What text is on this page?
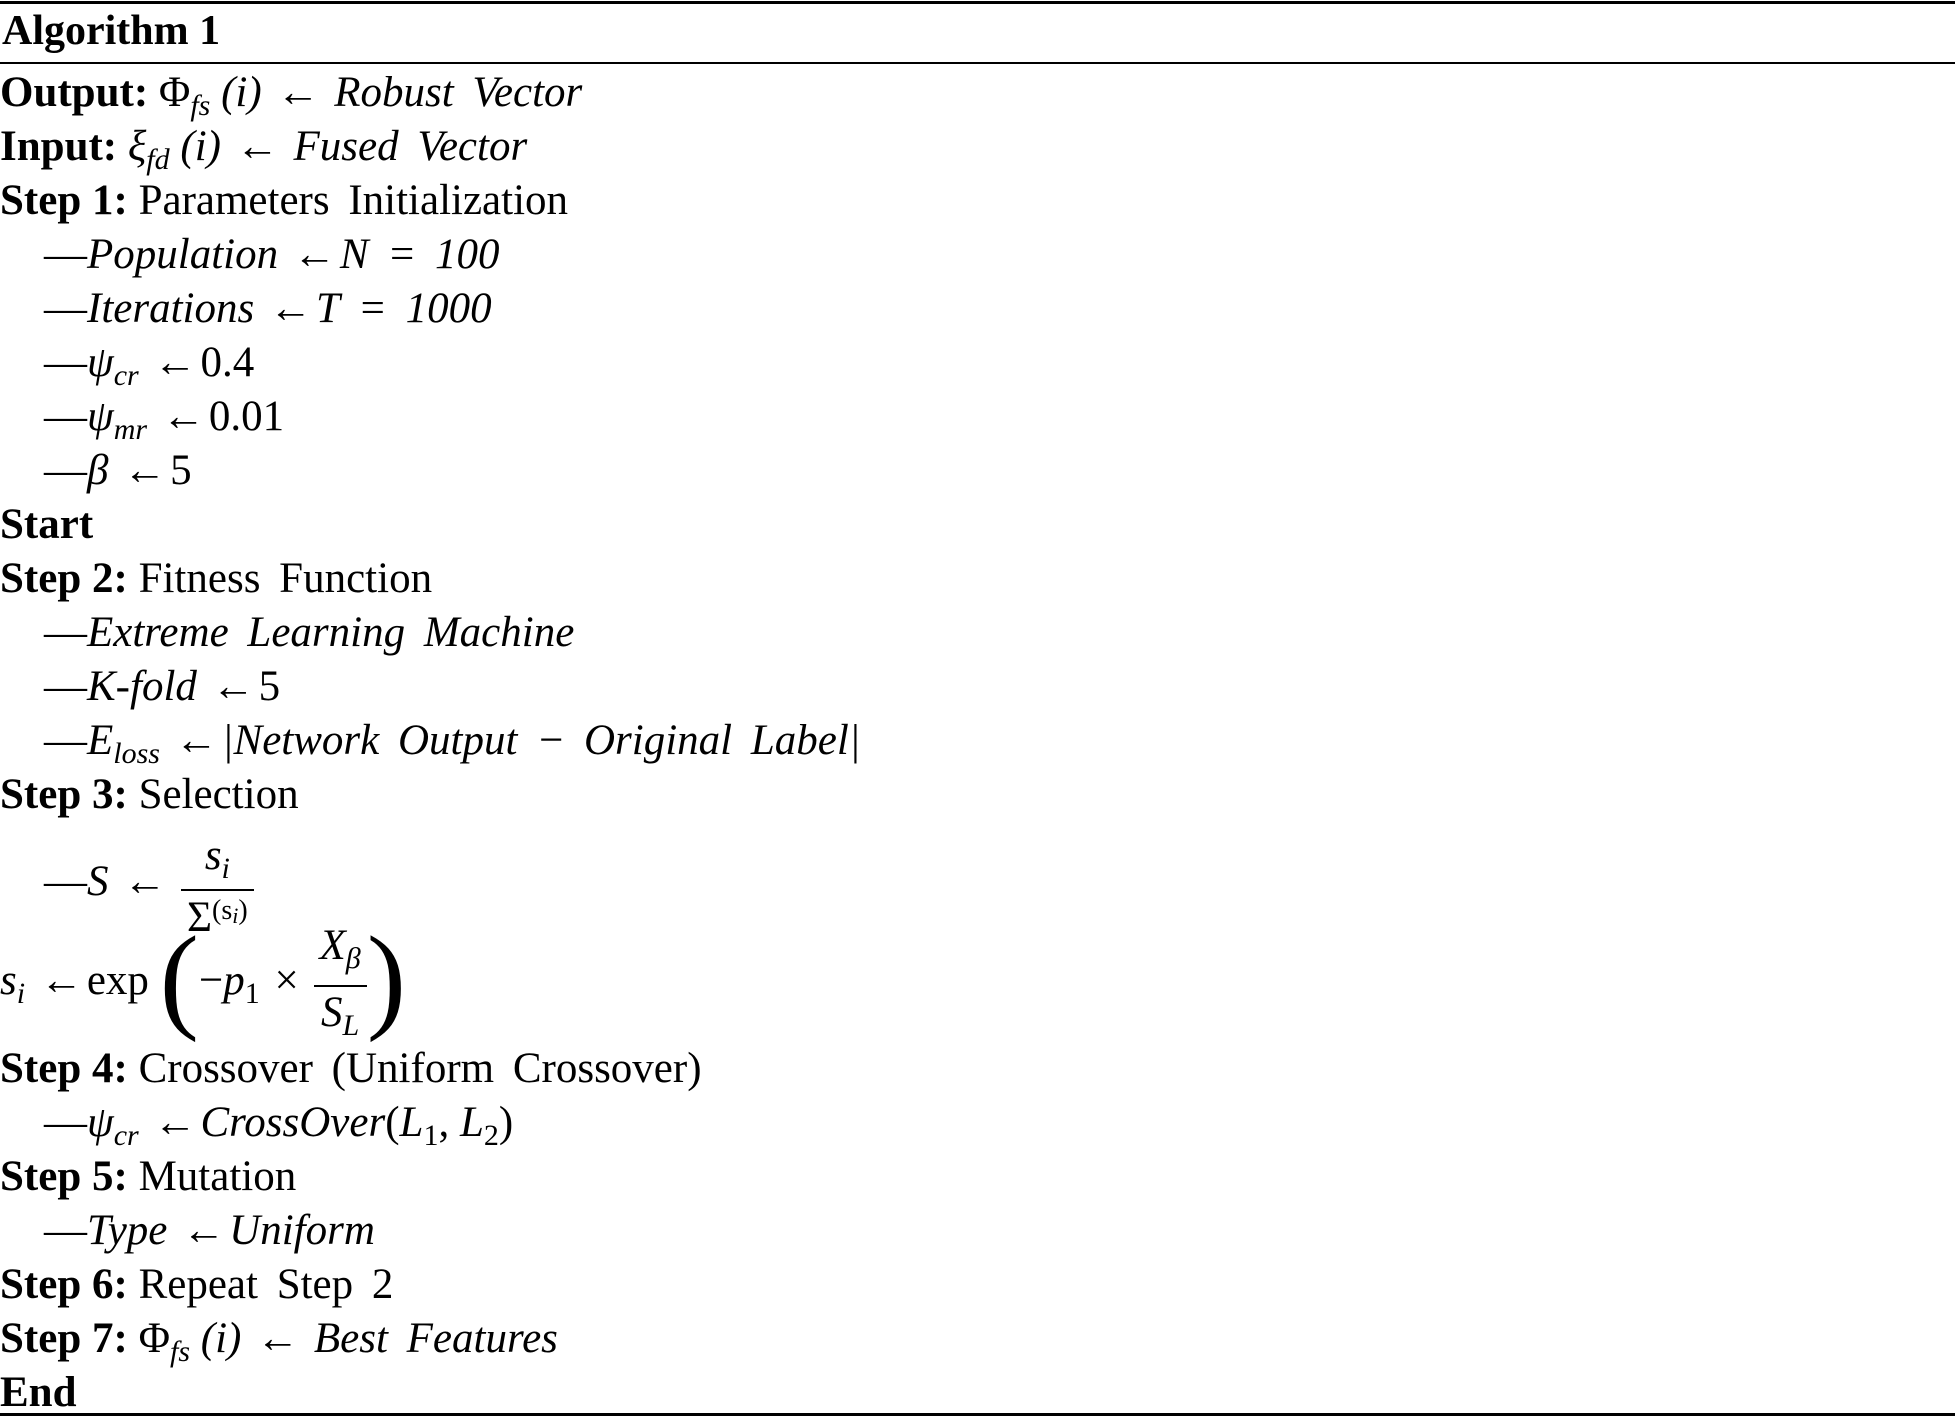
Algorithm 1
Output: $\Phi_{fs}$ (i) ← Robust Vector
Input: $\xi_{fd}$ (i) ← Fused Vector
Step 1: Parameters Initialization
—Population ←N = 100
—Iterations ←T = 1000
$—\psi_{cr}$ ←0.4
$—\psi_{mr}$ ←0.01
—β ←5
Start
Step 2: Fitness Function
—Extreme Learning Machine
—K-fold ←5
$—E_{loss}$ ←|Network Output − Original Label|
Step 3: Selection
—S ← $\frac{s_i}{\Sigma^{(si)}}$
$s_i$ ←exp ($-p_1 \times \frac{X_\beta}{S_L}$ )
Step 4: Crossover (Uniform Crossover)
$—\psi_{cr}$ $\leftarrow CrossOver(L_1$, $L_2$)
Step 5: Mutation
—Type ←Uniform
Step 6: Repeat Step 2
Step 7: $\Phi_{fs}$ (i) ← Best Features
End
